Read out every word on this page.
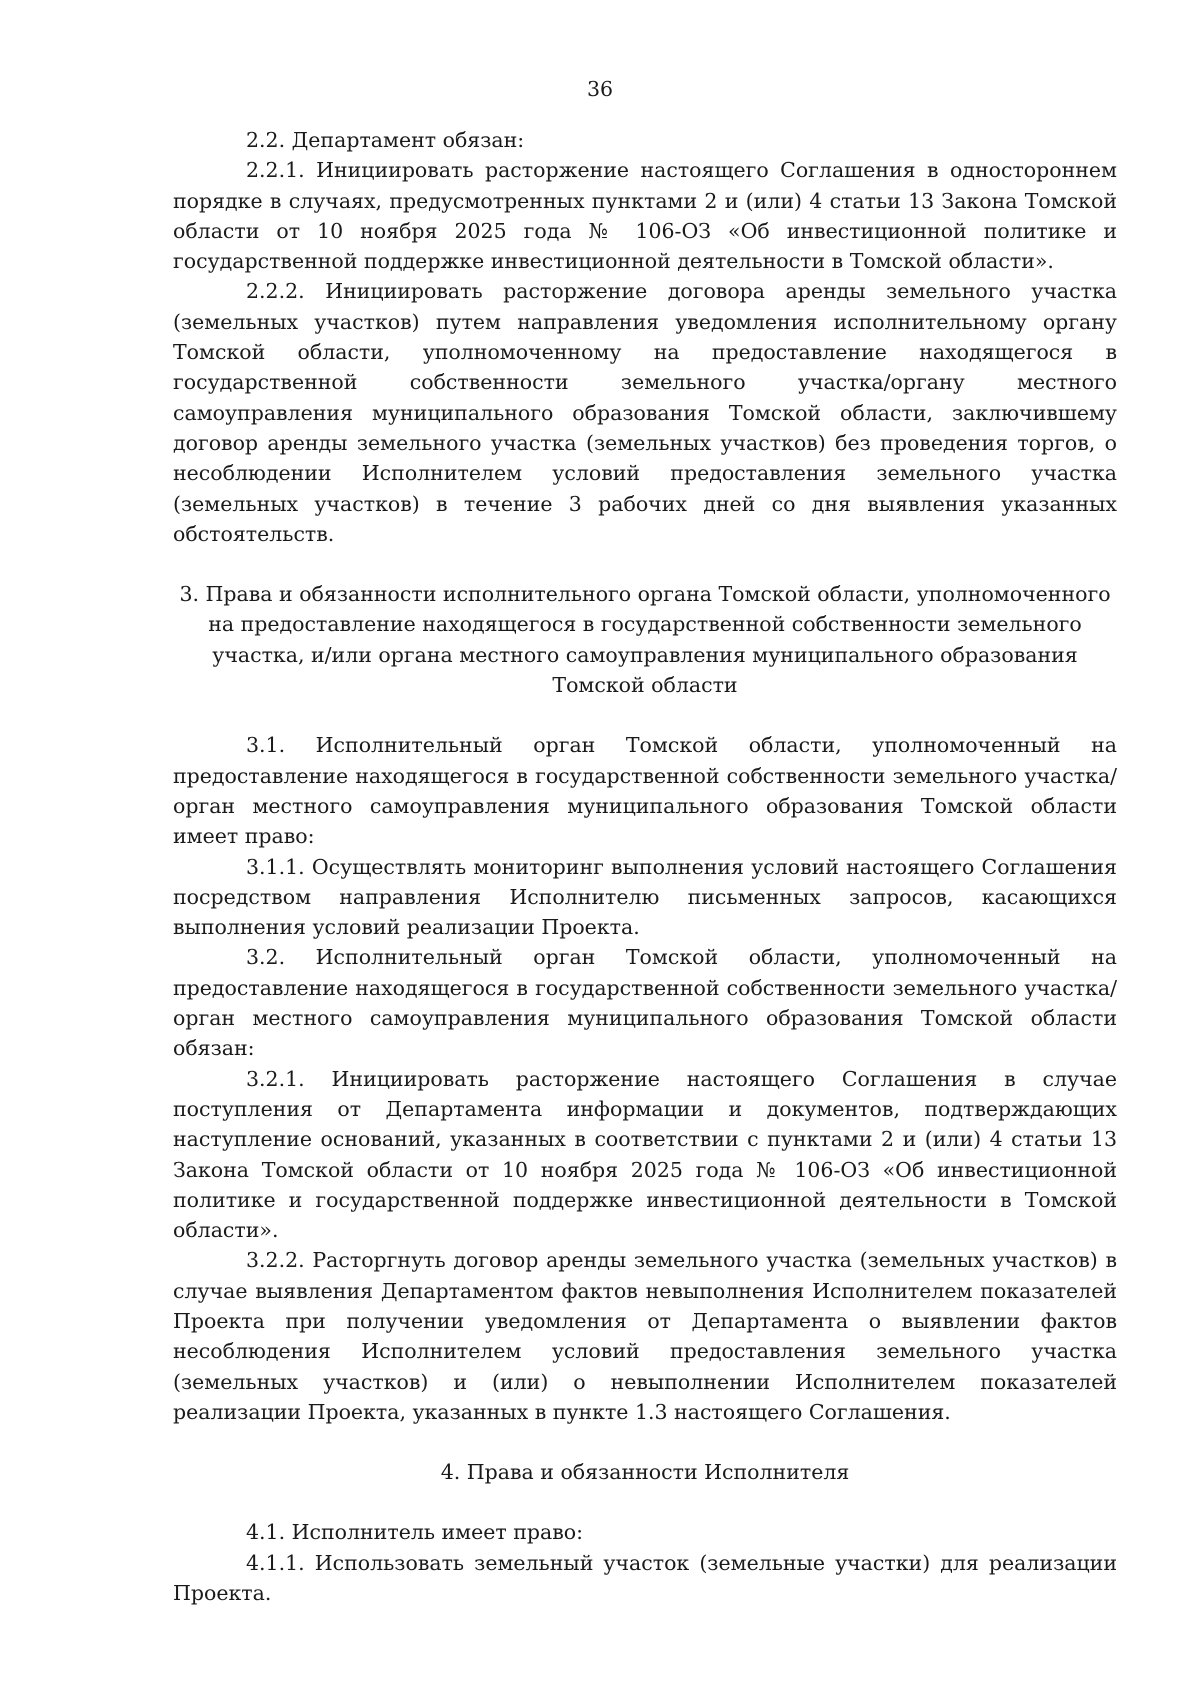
36

2.2. Департамент обязан:

2.2.1. Инициировать расторжение настоящего Соглашения в одностороннем порядке в случаях, предусмотренных пунктами 2 и (или) 4 статьи 13 Закона Томской области от 10 ноября 2025 года № 106-ОЗ «Об инвестиционной политике и государственной поддержке инвестиционной деятельности в Томской области».

2.2.2. Инициировать расторжение договора аренды земельного участка (земельных участков) путем направления уведомления исполнительному органу Томской области, уполномоченному на предоставление находящегося в государственной собственности земельного участка/органу местного самоуправления муниципального образования Томской области, заключившему договор аренды земельного участка (земельных участков) без проведения торгов, о несоблюдении Исполнителем условий предоставления земельного участка (земельных участков) в течение 3 рабочих дней со дня выявления указанных обстоятельств.

3. Права и обязанности исполнительного органа Томской области, уполномоченного на предоставление находящегося в государственной собственности земельного участка, и/или органа местного самоуправления муниципального образования Томской области

3.1. Исполнительный орган Томской области, уполномоченный на предоставление находящегося в государственной собственности земельного участка/орган местного самоуправления муниципального образования Томской области имеет право:

3.1.1. Осуществлять мониторинг выполнения условий настоящего Соглашения посредством направления Исполнителю письменных запросов, касающихся выполнения условий реализации Проекта.

3.2. Исполнительный орган Томской области, уполномоченный на предоставление находящегося в государственной собственности земельного участка/орган местного самоуправления муниципального образования Томской области обязан:

3.2.1. Инициировать расторжение настоящего Соглашения в случае поступления от Департамента информации и документов, подтверждающих наступление оснований, указанных в соответствии с пунктами 2 и (или) 4 статьи 13 Закона Томской области от 10 ноября 2025 года № 106-ОЗ «Об инвестиционной политике и государственной поддержке инвестиционной деятельности в Томской области».

3.2.2. Расторгнуть договор аренды земельного участка (земельных участков) в случае выявления Департаментом фактов невыполнения Исполнителем показателей Проекта при получении уведомления от Департамента о выявлении фактов несоблюдения Исполнителем условий предоставления земельного участка (земельных участков) и (или) о невыполнении Исполнителем показателей реализации Проекта, указанных в пункте 1.3 настоящего Соглашения.

4. Права и обязанности Исполнителя

4.1. Исполнитель имеет право:

4.1.1. Использовать земельный участок (земельные участки) для реализации Проекта.
